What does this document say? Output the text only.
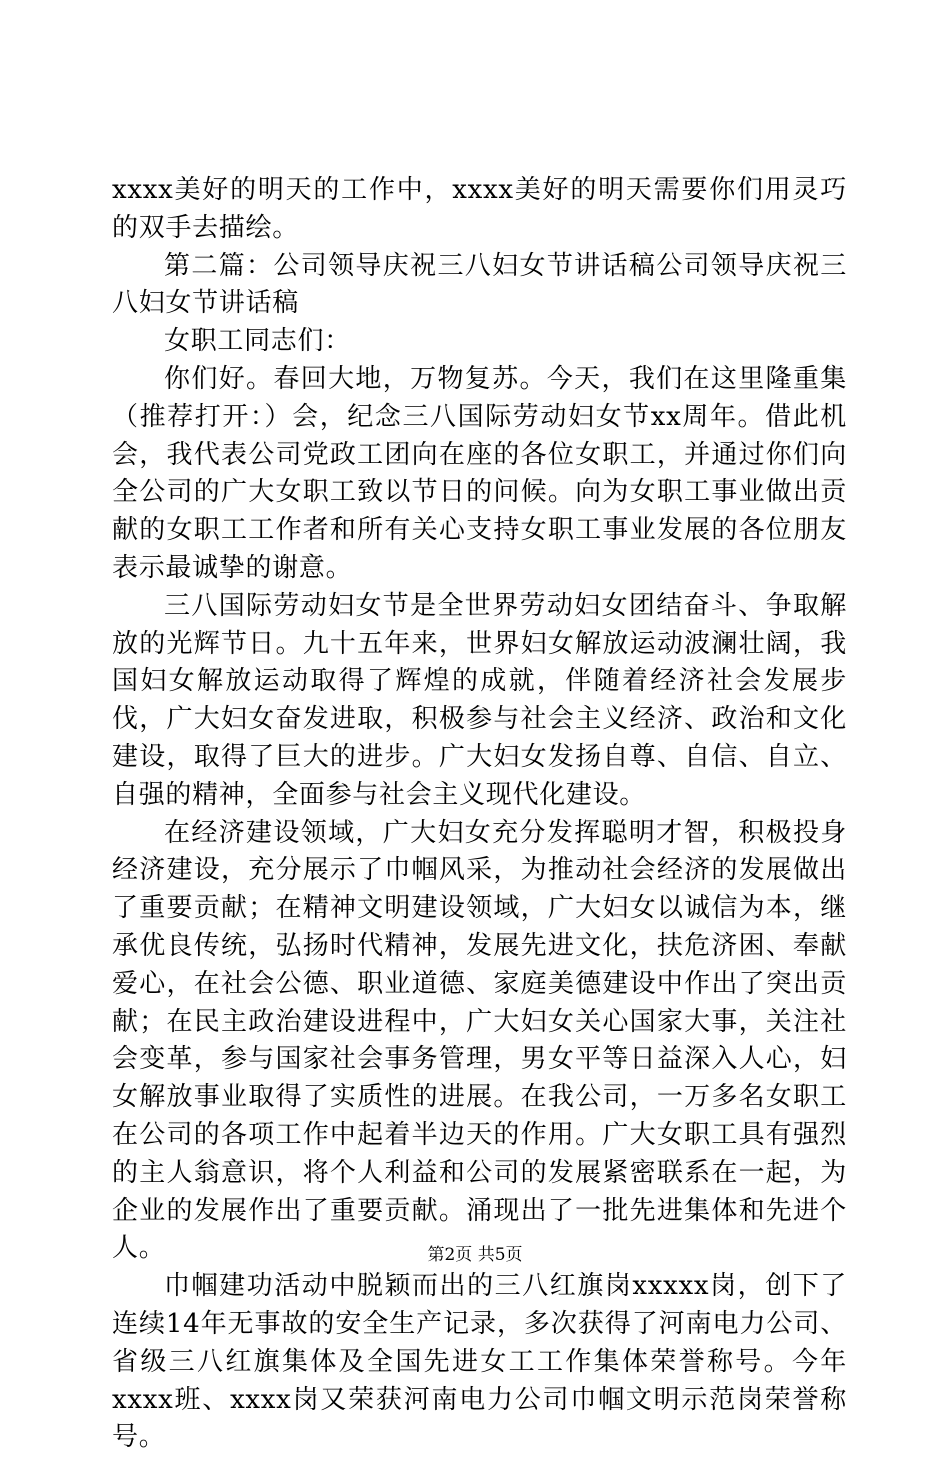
xxxx美好的明天的工作中，xxxx美好的明天需要你们用灵巧的双手去描绘。

第二篇：公司领导庆祝三八妇女节讲话稿公司领导庆祝三八妇女节讲话稿

女职工同志们：

你们好。春回大地，万物复苏。今天，我们在这里隆重集（推荐打开：）会，纪念三八国际劳动妇女节xx周年。借此机会，我代表公司党政工团向在座的各位女职工，并通过你们向全公司的广大女职工致以节日的问候。向为女职工事业做出贡献的女职工工作者和所有关心支持女职工事业发展的各位朋友表示最诚挚的谢意。

三八国际劳动妇女节是全世界劳动妇女团结奋斗、争取解放的光辉节日。九十五年来，世界妇女解放运动波澜壮阔，我国妇女解放运动取得了辉煌的成就，伴随着经济社会发展步伐，广大妇女奋发进取，积极参与社会主义经济、政治和文化建设，取得了巨大的进步。广大妇女发扬自尊、自信、自立、自强的精神，全面参与社会主义现代化建设。

在经济建设领域，广大妇女充分发挥聪明才智，积极投身经济建设，充分展示了巾帼风采，为推动社会经济的发展做出了重要贡献；在精神文明建设领域，广大妇女以诚信为本，继承优良传统，弘扬时代精神，发展先进文化，扶危济困、奉献爱心，在社会公德、职业道德、家庭美德建设中作出了突出贡献；在民主政治建设进程中，广大妇女关心国家大事，关注社会变革，参与国家社会事务管理，男女平等日益深入人心，妇女解放事业取得了实质性的进展。在我公司，一万多名女职工在公司的各项工作中起着半边天的作用。广大女职工具有强烈的主人翁意识，将个人利益和公司的发展紧密联系在一起，为企业的发展作出了重要贡献。涌现出了一批先进集体和先进个人。

巾帼建功活动中脱颖而出的三八红旗岗xxxxx岗，创下了连续14年无事故的安全生产记录，多次获得了河南电力公司、省级三八红旗集体及全国先进女工工作集体荣誉称号。今年xxxx班、xxxx岗又荣获河南电力公司巾帼文明示范岗荣誉称号。

第2页 共5页
